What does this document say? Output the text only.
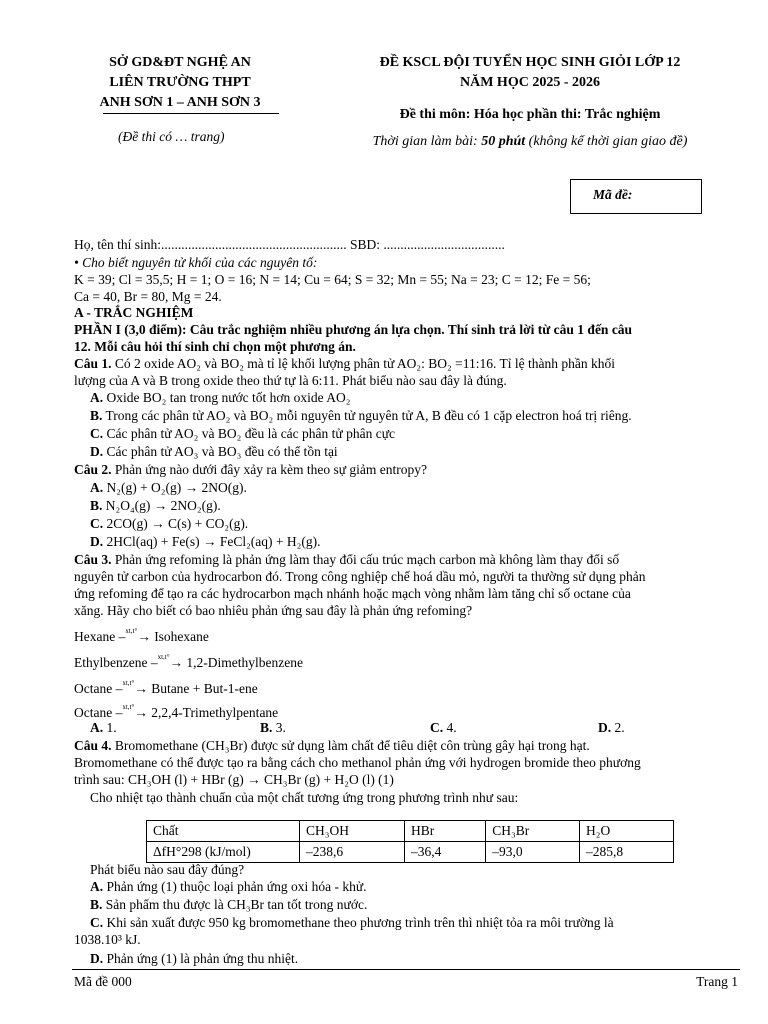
SỞ GD&ĐT NGHỆ AN
LIÊN TRƯỜNG THPT
ANH SƠN 1 – ANH SƠN 3
(Đề thi có … trang)
ĐỀ KSCL ĐỘI TUYỂN HỌC SINH GIỎI LỚP 12
NĂM HỌC 2025 - 2026
Đề thi môn: Hóa học phần thi: Trắc nghiệm
Thời gian làm bài: 50 phút (không kể thời gian giao đề)
Mã đề:
Họ, tên thí sinh:....................................................... SBD: ....................................
• Cho biết nguyên tử khối của các nguyên tố:
K = 39; Cl = 35,5; H = 1; O = 16; N = 14; Cu = 64; S = 32; Mn = 55; Na = 23; C = 12; Fe = 56;
Ca = 40, Br = 80, Mg = 24.
A - TRẮC NGHIỆM
PHẦN I (3,0 điểm): Câu trắc nghiệm nhiều phương án lựa chọn. Thí sinh trả lời từ câu 1 đến câu
12. Mỗi câu hỏi thí sinh chỉ chọn một phương án.
Câu 1. Có 2 oxide AO₂ và BO₂ mà tỉ lệ khối lượng phân tử AO₂: BO₂ =11:16. Tỉ lệ thành phần khối
lượng của A và B trong oxide theo thứ tự là 6:11. Phát biểu nào sau đây là đúng.
A. Oxide BO₂ tan trong nước tốt hơn oxide AO₂
B. Trong các phân tử AO₂ và BO₂ mỗi nguyên tử nguyên tử A, B đều có 1 cặp electron hoá trị riêng.
C. Các phân tử AO₂ và BO₂ đều là các phân tử phân cực
D. Các phân tử AO₃ và BO₃ đều có thể tồn tại
Câu 2. Phản ứng nào dưới đây xảy ra kèm theo sự giảm entropy?
A. N₂(g) + O₂(g) → 2NO(g).
B. N₂O₄(g) → 2NO₂(g).
C. 2CO(g) → C(s) + CO₂(g).
D. 2HCl(aq) + Fe(s) → FeCl₂(aq) + H₂(g).
Câu 3. Phản ứng refoming là phản ứng làm thay đổi cấu trúc mạch carbon mà không làm thay đổi số
nguyên tử carbon của hydrocarbon đó. Trong công nghiệp chế hoá dầu mỏ, người ta thường sử dụng phản
ứng refoming để tạo ra các hydrocarbon mạch nhánh hoặc mạch vòng nhằm làm tăng chỉ số octane của
xăng. Hãy cho biết có bao nhiêu phản ứng sau đây là phản ứng refoming?
Hexane –$^{xt,t^\circ}$→ Isohexane
Ethylbenzene –$^{xt,t^\circ}$→ 1,2-Dimethylbenzene
Octane –$^{xt,t^\circ}$→ Butane + But-1-ene
Octane –$^{xt,t^\circ}$→ 2,2,4-Trimethylpentane
A. 1.	B. 3.	C. 4.	D. 2.
Câu 4. Bromomethane (CH₃Br) được sử dụng làm chất để tiêu diệt côn trùng gây hại trong hạt.
Bromomethane có thể được tạo ra bằng cách cho methanol phản ứng với hydrogen bromide theo phương
trình sau: CH₃OH (l) + HBr (g) → CH₃Br (g) + H₂O (l) (1)
Cho nhiệt tạo thành chuẩn của một chất tương ứng trong phương trình như sau:
Chất	CH₃OH	HBr	CH₃Br	H₂O
ΔfH°298 (kJ/mol)	–238,6	–36,4	–93,0	–285,8
Phát biểu nào sau đây đúng?
A. Phản ứng (1) thuộc loại phản ứng oxi hóa - khử.
B. Sản phẩm thu được là CH₃Br tan tốt trong nước.
C. Khi sản xuất được 950 kg bromomethane theo phương trình trên thì nhiệt tỏa ra môi trường là
1038.10³ kJ.
D. Phản ứng (1) là phản ứng thu nhiệt.
Mã đề 000	Trang 1
